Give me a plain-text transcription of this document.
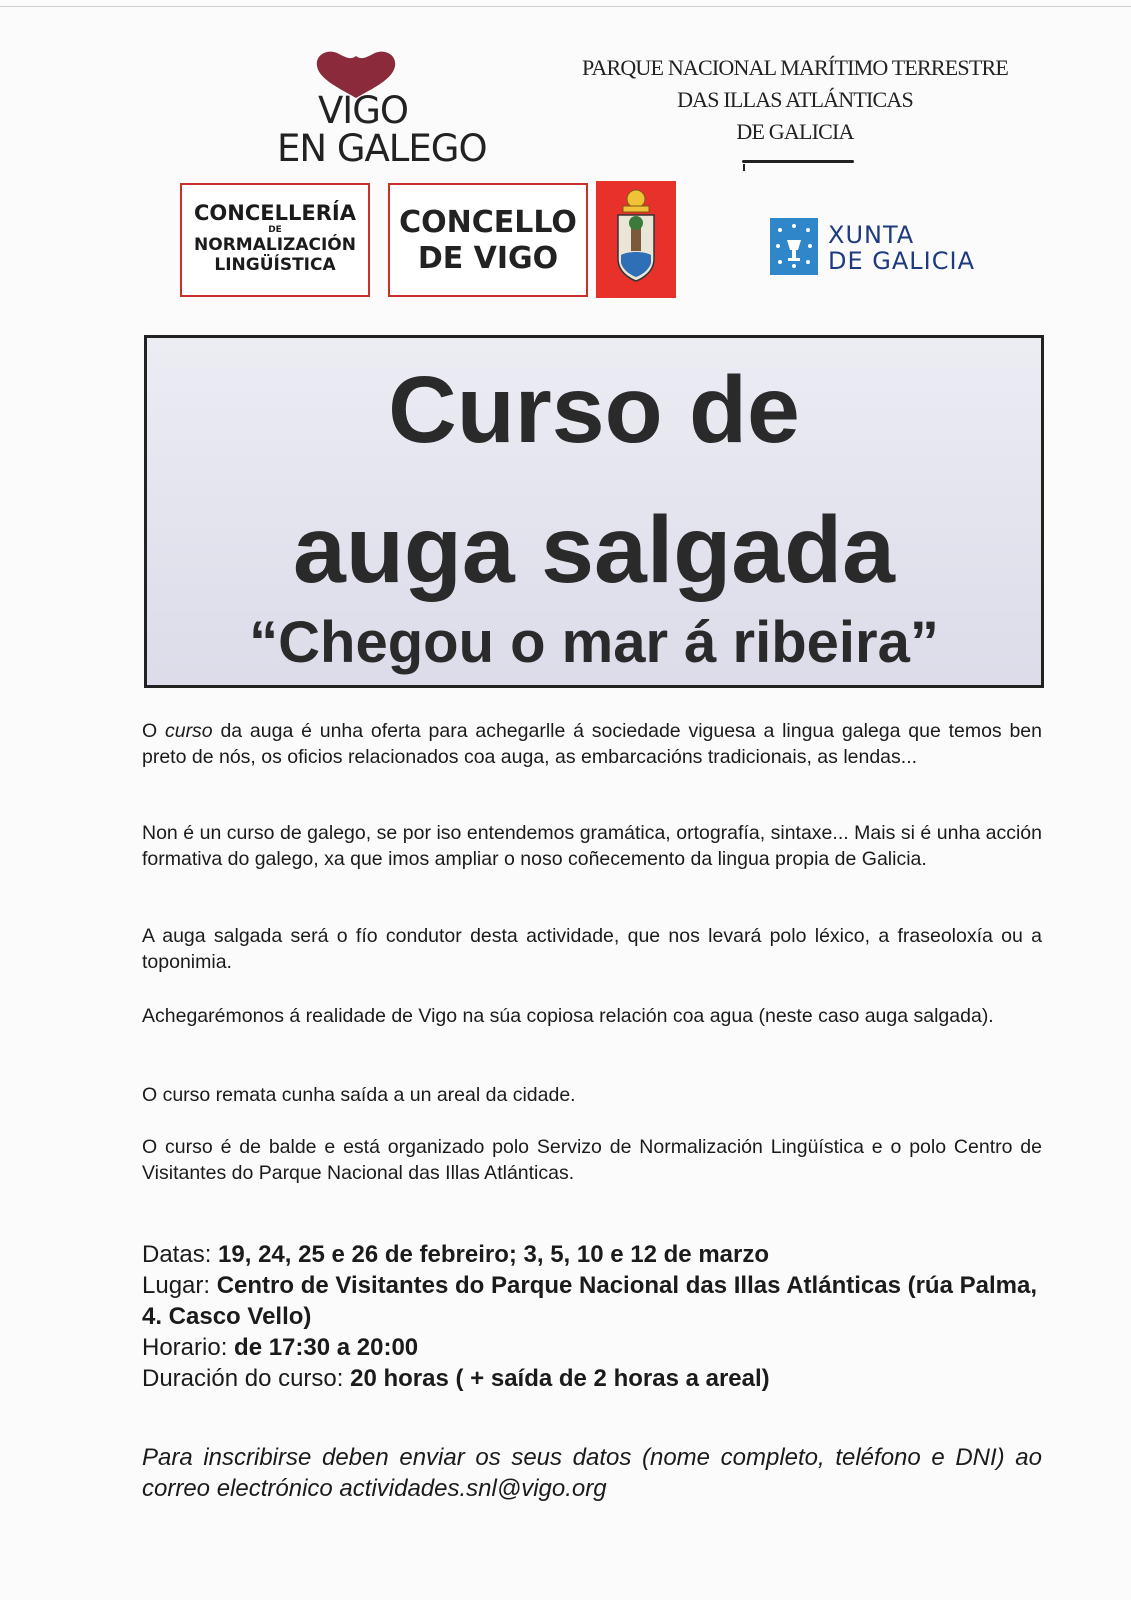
VIGO
EN GALEGO
CONCELLERÍA
DE
NORMALIZACIÓN
LINGÜÍSTICA
CONCELLO
DE VIGO
PARQUE NACIONAL MARÍTIMO TERRESTRE
DAS ILLAS ATLÁNTICAS
DE GALICIA
XUNTA
DE GALICIA
Curso de
auga salgada
“Chegou o mar á ribeira”
O curso da auga é unha oferta para achegarlle á sociedade viguesa a lingua galega que temos ben preto de nós, os oficios relacionados coa auga, as embarcacións tradicionais, as lendas...
Non é un curso de galego, se por iso entendemos gramática, ortografía, sintaxe... Mais si é unha acción formativa do galego, xa que imos ampliar o noso coñecemento da lingua propia de Galicia.
A auga salgada será o fío condutor desta actividade, que nos levará polo léxico, a fraseoloxía ou a toponimia.
Achegarémonos á realidade de Vigo na súa copiosa relación coa agua (neste caso auga salgada).
O curso remata cunha saída a un areal da cidade.
O curso é de balde e está organizado polo Servizo de Normalización Lingüística e o polo Centro de Visitantes do Parque Nacional das Illas Atlánticas.
Datas: 19, 24, 25 e 26 de febreiro; 3, 5, 10 e 12 de marzo
Lugar: Centro de Visitantes do Parque Nacional das Illas Atlánticas (rúa Palma, 4. Casco Vello)
Horario: de 17:30 a 20:00
Duración do curso: 20 horas ( + saída de 2 horas a areal)
Para inscribirse deben enviar os seus datos (nome completo, teléfono e DNI) ao correo electrónico actividades.snl@vigo.org
